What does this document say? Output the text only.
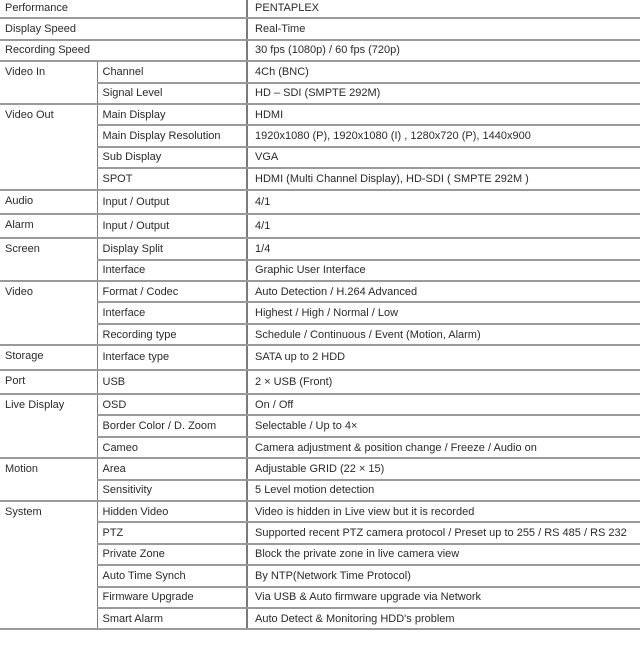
Performance		PENTAPLEX
Display Speed		Real-Time
Recording Speed		30 fps (1080p) / 60 fps (720p)
Video In	Channel	4Ch (BNC)
	Signal Level	HD – SDI (SMPTE 292M)
Video Out	Main Display	HDMI
	Main Display Resolution	1920x1080 (P), 1920x1080 (I) , 1280x720 (P), 1440x900
	Sub Display	VGA
	SPOT	HDMI (Multi Channel Display), HD-SDI ( SMPTE 292M )
Audio	Input / Output	4/1
Alarm	Input / Output	4/1
Screen	Display Split	1/4
	Interface	Graphic User Interface
Video	Format / Codec	Auto Detection / H.264 Advanced
	Interface	Highest / High / Normal / Low
	Recording type	Schedule / Continuous / Event (Motion, Alarm)
Storage	Interface type	SATA up to 2 HDD
Port	USB	2 × USB (Front)
Live Display	OSD	On / Off
	Border Color / D. Zoom	Selectable / Up to 4×
	Cameo	Camera adjustment & position change / Freeze / Audio on
Motion	Area	Adjustable GRID (22 × 15)
	Sensitivity	5 Level motion detection
System	Hidden Video	Video is hidden in Live view but it is recorded
	PTZ	Supported recent PTZ camera protocol / Preset up to 255 / RS 485 / RS 232
	Private Zone	Block the private zone in live camera view
	Auto Time Synch	By NTP(Network Time Protocol)
	Firmware Upgrade	Via USB & Auto firmware upgrade via Network
	Smart Alarm	Auto Detect & Monitoring HDD's problem
